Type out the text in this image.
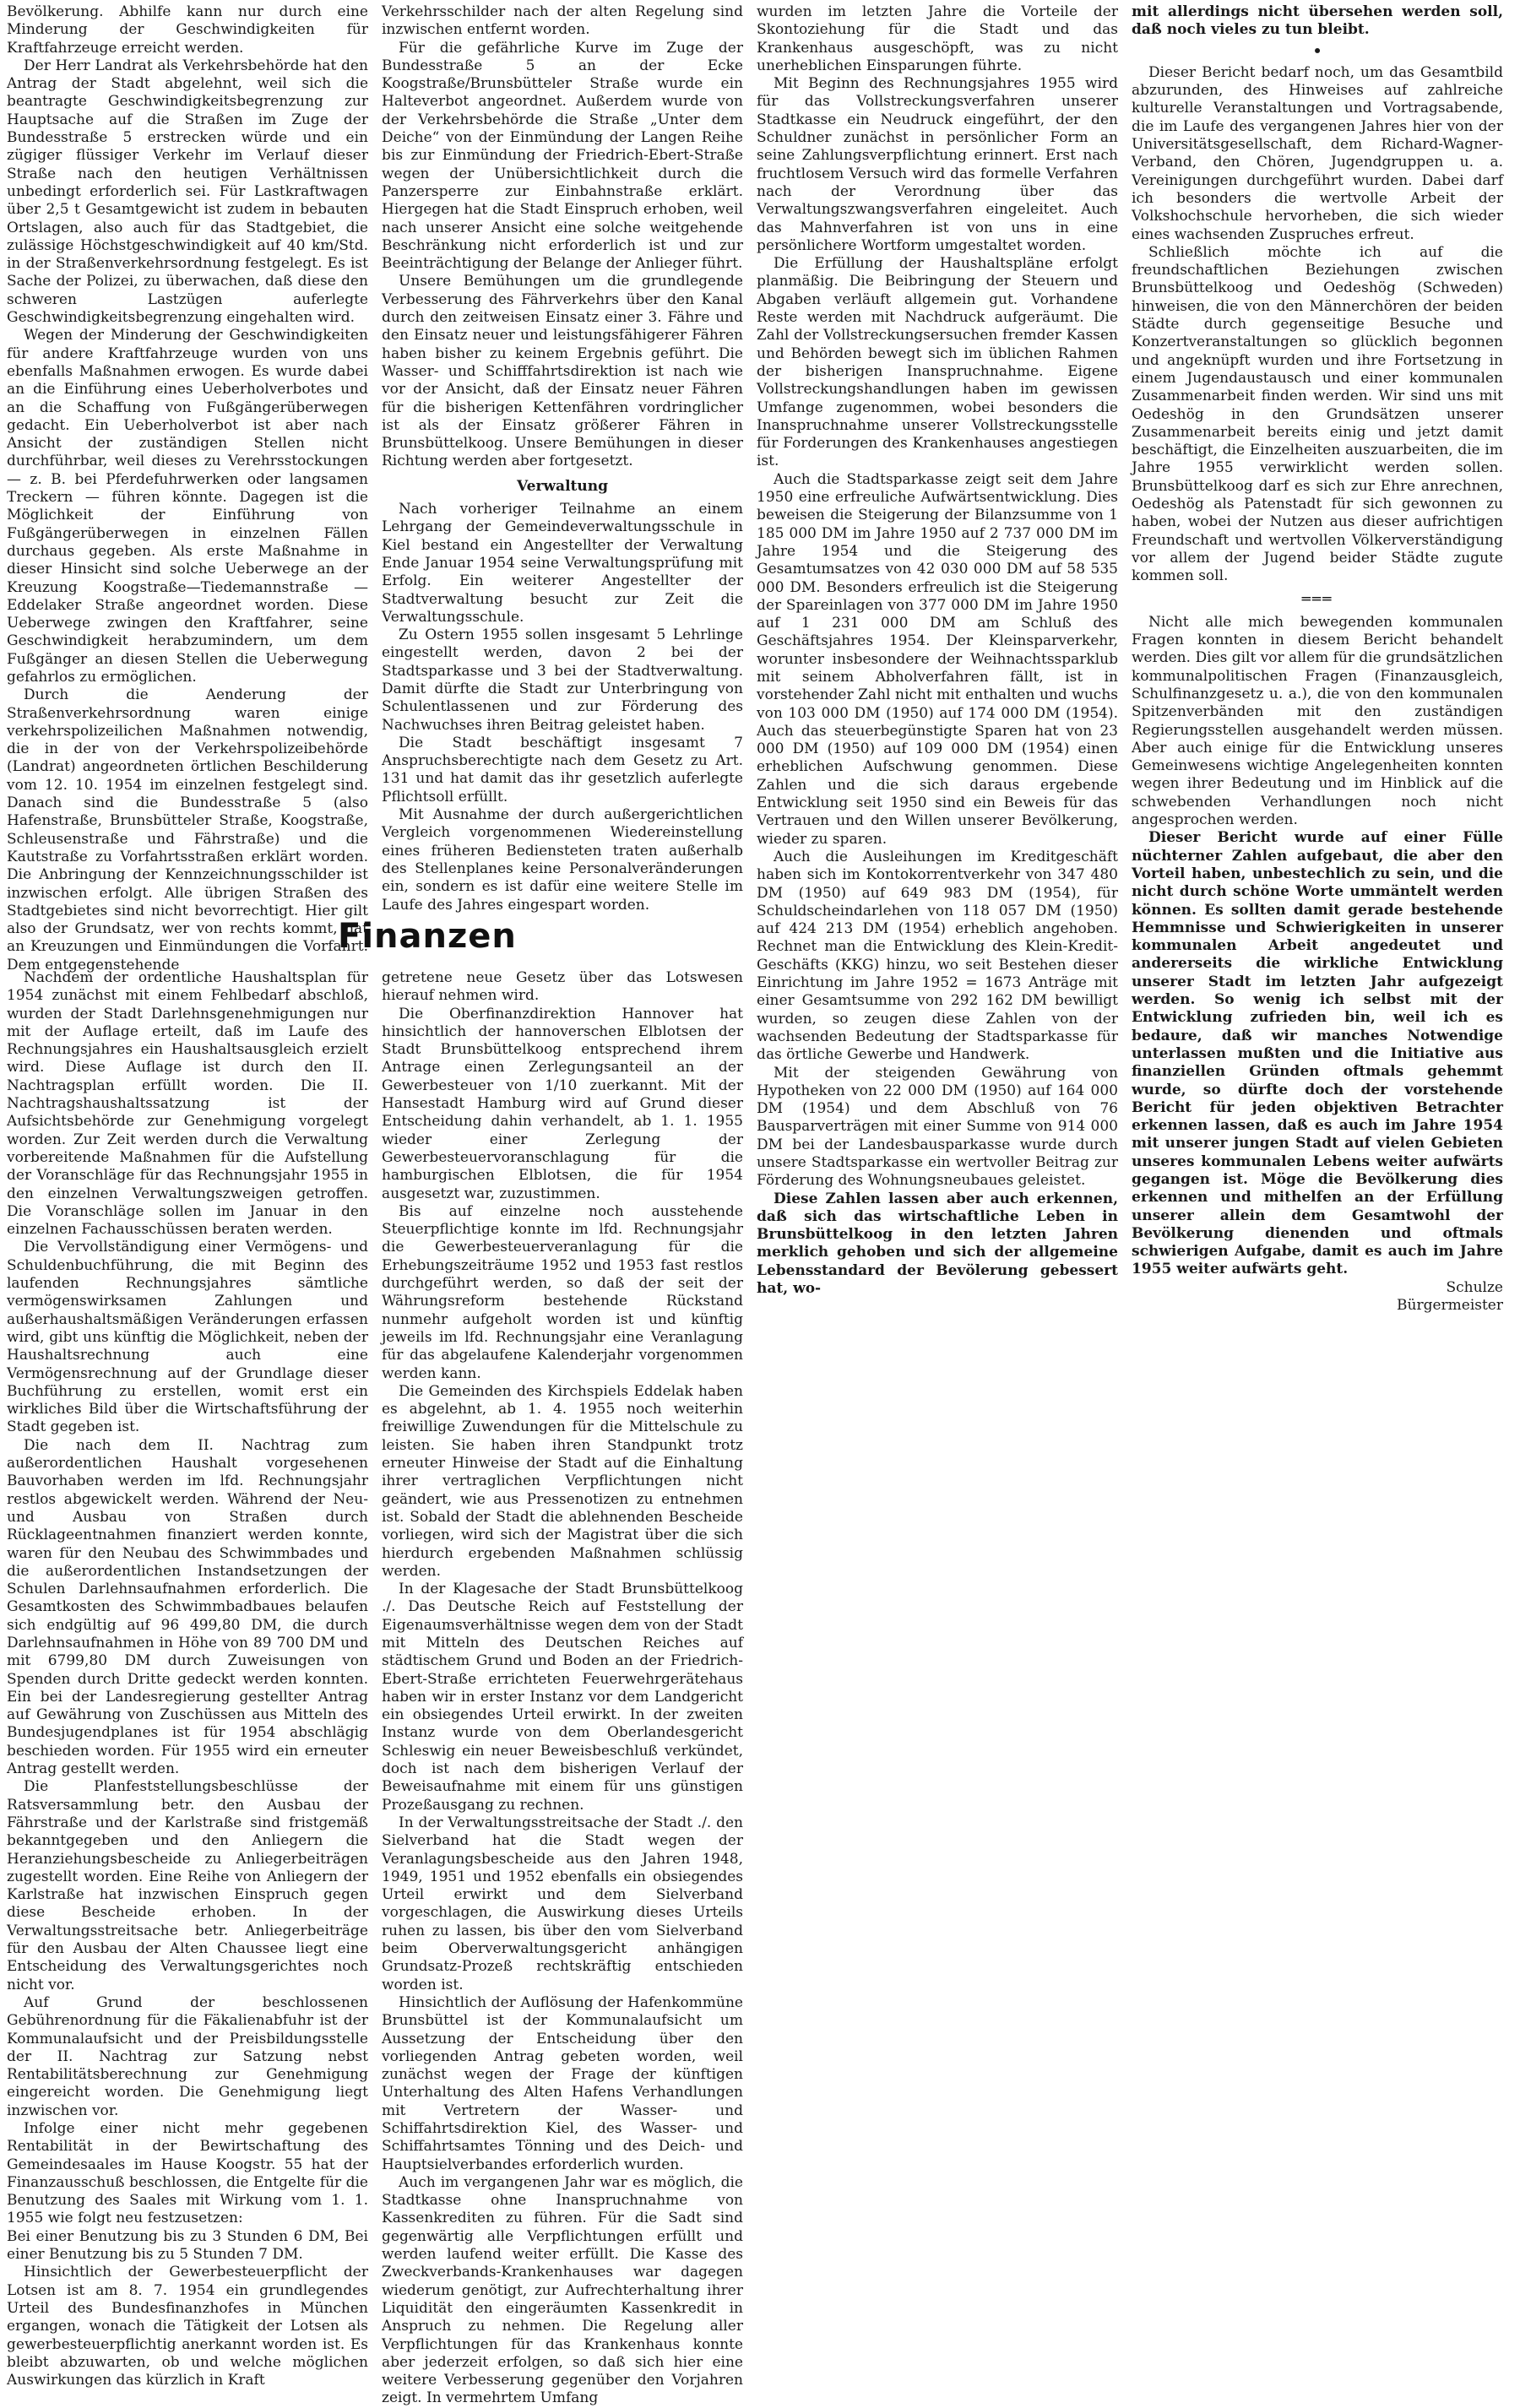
Bevölkerung. Abhilfe kann nur durch eine Minderung der Geschwindigkeiten für Kraftfahrzeuge erreicht werden.

Der Herr Landrat als Verkehrsbehörde hat den Antrag der Stadt abgelehnt, weil sich die beantragte Geschwindigkeitsbegrenzung zur Hauptsache auf die Straßen im Zuge der Bundesstraße 5 erstrecken würde und ein zügiger flüssiger Verkehr im Verlauf dieser Straße nach den heutigen Verhältnissen unbedingt erforderlich sei. Für Lastkraftwagen über 2,5 t Gesamtgewicht ist zudem in bebauten Ortslagen, also auch für das Stadtgebiet, die zulässige Höchstgeschwindigkeit auf 40 km/Std. in der Straßenverkehrsordnung festgelegt. Es ist Sache der Polizei, zu überwachen, daß diese den schweren Lastzügen auferlegte Geschwindigkeitsbegrenzung eingehalten wird.

Wegen der Minderung der Geschwindigkeiten für andere Kraftfahrzeuge wurden von uns ebenfalls Maßnahmen erwogen. Es wurde dabei an die Einführung eines Ueberholverbotes und an die Schaffung von Fußgängerüberwegen gedacht. Ein Ueberholverbot ist aber nach Ansicht der zuständigen Stellen nicht durchführbar, weil dieses zu Verehrsstockungen — z. B. bei Pferdefuhrwerken oder langsamen Treckern — führen könnte. Dagegen ist die Möglichkeit der Einführung von Fußgängerüberwegen in einzelnen Fällen durchaus gegeben. Als erste Maßnahme in dieser Hinsicht sind solche Ueberwege an der Kreuzung Koogstraße—Tiedemannstraße — Eddelaker Straße angeordnet worden. Diese Ueberwege zwingen den Kraftfahrer, seine Geschwindigkeit herabzumindern, um dem Fußgänger an diesen Stellen die Ueberwegung gefahrlos zu ermöglichen.

Durch die Aenderung der Straßenverkehrsordnung waren einige verkehrspolizeilichen Maßnahmen notwendig, die in der von der Verkehrspolizeibehörde (Landrat) angeordneten örtlichen Beschilderung vom 12. 10. 1954 im einzelnen festgelegt sind. Danach sind die Bundesstraße 5 (also Hafenstraße, Brunsbütteler Straße, Koogstraße, Schleusenstraße und Fährstraße) und die Kautstraße zu Vorfahrtsstraßen erklärt worden. Die Anbringung der Kennzeichnungsschilder ist inzwischen erfolgt. Alle übrigen Straßen des Stadtgebietes sind nicht bevorrechtigt. Hier gilt also der Grundsatz, wer von rechts kommt, hat an Kreuzungen und Einmündungen die Vorfahrt. Dem entgegenstehende

Verkehrsschilder nach der alten Regelung sind inzwischen entfernt worden.

Für die gefährliche Kurve im Zuge der Bundesstraße 5 an der Ecke Koogstraße/Brunsbütteler Straße wurde ein Halteverbot angeordnet. Außerdem wurde von der Verkehrsbehörde die Straße „Unter dem Deiche“ von der Einmündung der Langen Reihe bis zur Einmündung der Friedrich-Ebert-Straße wegen der Unübersichtlichkeit durch die Panzersperre zur Einbahnstraße erklärt. Hiergegen hat die Stadt Einspruch erhoben, weil nach unserer Ansicht eine solche weitgehende Beschränkung nicht erforderlich ist und zur Beeinträchtigung der Belange der Anlieger führt.

Unsere Bemühungen um die grundlegende Verbesserung des Fährverkehrs über den Kanal durch den zeitweisen Einsatz einer 3. Fähre und den Einsatz neuer und leistungsfähigerer Fähren haben bisher zu keinem Ergebnis geführt. Die Wasser- und Schifffahrtsdirektion ist nach wie vor der Ansicht, daß der Einsatz neuer Fähren für die bisherigen Kettenfähren vordringlicher ist als der Einsatz größerer Fähren in Brunsbüttelkoog. Unsere Bemühungen in dieser Richtung werden aber fortgesetzt.

Verwaltung

Nach vorheriger Teilnahme an einem Lehrgang der Gemeindeverwaltungsschule in Kiel bestand ein Angestellter der Verwaltung Ende Januar 1954 seine Verwaltungsprüfung mit Erfolg. Ein weiterer Angestellter der Stadtverwaltung besucht zur Zeit die Verwaltungsschule.

Zu Ostern 1955 sollen insgesamt 5 Lehrlinge eingestellt werden, davon 2 bei der Stadtsparkasse und 3 bei der Stadtverwaltung. Damit dürfte die Stadt zur Unterbringung von Schulentlassenen und zur Förderung des Nachwuchses ihren Beitrag geleistet haben.

Die Stadt beschäftigt insgesamt 7 Anspruchsberechtigte nach dem Gesetz zu Art. 131 und hat damit das ihr gesetzlich auferlegte Pflichtsoll erfüllt.

Mit Ausnahme der durch außergerichtlichen Vergleich vorgenommenen Wiedereinstellung eines früheren Bediensteten traten außerhalb des Stellenplanes keine Personalveränderungen ein, sondern es ist dafür eine weitere Stelle im Laufe des Jahres eingespart worden.

Finanzen

Nachdem der ordentliche Haushaltsplan für 1954 zunächst mit einem Fehlbedarf abschloß, wurden der Stadt Darlehnsgenehmigungen nur mit der Auflage erteilt, daß im Laufe des Rechnungsjahres ein Haushaltsausgleich erzielt wird. Diese Auflage ist durch den II. Nachtragsplan erfüllt worden. Die II. Nachtragshaushaltssatzung ist der Aufsichtsbehörde zur Genehmigung vorgelegt worden. Zur Zeit werden durch die Verwaltung vorbereitende Maßnahmen für die Aufstellung der Voranschläge für das Rechnungsjahr 1955 in den einzelnen Verwaltungszweigen getroffen. Die Voranschläge sollen im Januar in den einzelnen Fachausschüssen beraten werden.

Die Vervollständigung einer Vermögens- und Schuldenbuchführung, die mit Beginn des laufenden Rechnungsjahres sämtliche vermögenswirksamen Zahlungen und außerhaushaltsmäßigen Veränderungen erfassen wird, gibt uns künftig die Möglichkeit, neben der Haushaltsrechnung auch eine Vermögensrechnung auf der Grundlage dieser Buchführung zu erstellen, womit erst ein wirkliches Bild über die Wirtschaftsführung der Stadt gegeben ist.

Die nach dem II. Nachtrag zum außerordentlichen Haushalt vorgesehenen Bauvorhaben werden im lfd. Rechnungsjahr restlos abgewickelt werden. Während der Neu- und Ausbau von Straßen durch Rücklageentnahmen finanziert werden konnte, waren für den Neubau des Schwimmbades und die außerordentlichen Instandsetzungen der Schulen Darlehnsaufnahmen erforderlich. Die Gesamtkosten des Schwimmbadbaues belaufen sich endgültig auf 96 499,80 DM, die durch Darlehnsaufnahmen in Höhe von 89 700 DM und mit 6799,80 DM durch Zuweisungen von Spenden durch Dritte gedeckt werden konnten. Ein bei der Landesregierung gestellter Antrag auf Gewährung von Zuschüssen aus Mitteln des Bundesjugendplanes ist für 1954 abschlägig beschieden worden. Für 1955 wird ein erneuter Antrag gestellt werden.

Die Planfeststellungsbeschlüsse der Ratsversammlung betr. den Ausbau der Fährstraße und der Karlstraße sind fristgemäß bekanntgegeben und den Anliegern die Heranziehungsbescheide zu Anliegerbeiträgen zugestellt worden. Eine Reihe von Anliegern der Karlstraße hat inzwischen Einspruch gegen diese Bescheide erhoben. In der Verwaltungsstreitsache betr. Anliegerbeiträge für den Ausbau der Alten Chaussee liegt eine Entscheidung des Verwaltungsgerichtes noch nicht vor.

Auf Grund der beschlossenen Gebührenordnung für die Fäkalienabfuhr ist der Kommunalaufsicht und der Preisbildungsstelle der II. Nachtrag zur Satzung nebst Rentabilitätsberechnung zur Genehmigung eingereicht worden. Die Genehmigung liegt inzwischen vor.

Infolge einer nicht mehr gegebenen Rentabilität in der Bewirtschaftung des Gemeindesaales im Hause Koogstr. 55 hat der Finanzausschuß beschlossen, die Entgelte für die Benutzung des Saales mit Wirkung vom 1. 1. 1955 wie folgt neu festzusetzen:

Bei einer Benutzung bis zu 3 Stunden 6 DM, Bei einer Benutzung bis zu 5 Stunden 7 DM.

Hinsichtlich der Gewerbesteuerpflicht der Lotsen ist am 8. 7. 1954 ein grundlegendes Urteil des Bundesfinanzhofes in München ergangen, wonach die Tätigkeit der Lotsen als gewerbesteuerpflichtig anerkannt worden ist. Es bleibt abzuwarten, ob und welche möglichen Auswirkungen das kürzlich in Kraft

getretene neue Gesetz über das Lotswesen hierauf nehmen wird.

Die Oberfinanzdirektion Hannover hat hinsichtlich der hannoverschen Elblotsen der Stadt Brunsbüttelkoog entsprechend ihrem Antrage einen Zerlegungsanteil an der Gewerbesteuer von 1/10 zuerkannt. Mit der Hansestadt Hamburg wird auf Grund dieser Entscheidung dahin verhandelt, ab 1. 1. 1955 wieder einer Zerlegung der Gewerbesteuervoranschlagung für die hamburgischen Elblotsen, die für 1954 ausgesetzt war, zuzustimmen.

Bis auf einzelne noch ausstehende Steuerpflichtige konnte im lfd. Rechnungsjahr die Gewerbesteuerveranlagung für die Erhebungszeiträume 1952 und 1953 fast restlos durchgeführt werden, so daß der seit der Währungsreform bestehende Rückstand nunmehr aufgeholt worden ist und künftig jeweils im lfd. Rechnungsjahr eine Veranlagung für das abgelaufene Kalenderjahr vorgenommen werden kann.

Die Gemeinden des Kirchspiels Eddelak haben es abgelehnt, ab 1. 4. 1955 noch weiterhin freiwillige Zuwendungen für die Mittelschule zu leisten. Sie haben ihren Standpunkt trotz erneuter Hinweise der Stadt auf die Einhaltung ihrer vertraglichen Verpflichtungen nicht geändert, wie aus Pressenotizen zu entnehmen ist. Sobald der Stadt die ablehnenden Bescheide vorliegen, wird sich der Magistrat über die sich hierdurch ergebenden Maßnahmen schlüssig werden.

In der Klagesache der Stadt Brunsbüttelkoog ./. Das Deutsche Reich auf Feststellung der Eigenaumsverhältnisse wegen dem von der Stadt mit Mitteln des Deutschen Reiches auf städtischem Grund und Boden an der Friedrich-Ebert-Straße errichteten Feuerwehrgerätehaus haben wir in erster Instanz vor dem Landgericht ein obsiegendes Urteil erwirkt. In der zweiten Instanz wurde von dem Oberlandesgericht Schleswig ein neuer Beweisbeschluß verkündet, doch ist nach dem bisherigen Verlauf der Beweisaufnahme mit einem für uns günstigen Prozeßausgang zu rechnen.

In der Verwaltungsstreitsache der Stadt ./. den Sielverband hat die Stadt wegen der Veranlagungsbescheide aus den Jahren 1948, 1949, 1951 und 1952 ebenfalls ein obsiegendes Urteil erwirkt und dem Sielverband vorgeschlagen, die Auswirkung dieses Urteils ruhen zu lassen, bis über den vom Sielverband beim Oberverwaltungsgericht anhängigen Grundsatz-Prozeß rechtskräftig entschieden worden ist.

Hinsichtlich der Auflösung der Hafenkommüne Brunsbüttel ist der Kommunalaufsicht um Aussetzung der Entscheidung über den vorliegenden Antrag gebeten worden, weil zunächst wegen der Frage der künftigen Unterhaltung des Alten Hafens Verhandlungen mit Vertretern der Wasser- und Schiffahrtsdirektion Kiel, des Wasser- und Schiffahrtsamtes Tönning und des Deich- und Hauptsielverbandes erforderlich wurden.

Auch im vergangenen Jahr war es möglich, die Stadtkasse ohne Inanspruchnahme von Kassenkrediten zu führen. Für die Sadt sind gegenwärtig alle Verpflichtungen erfüllt und werden laufend weiter erfüllt. Die Kasse des Zweckverbands-Krankenhauses war dagegen wiederum genötigt, zur Aufrechterhaltung ihrer Liquidität den eingeräumten Kassenkredit in Anspruch zu nehmen. Die Regelung aller Verpflichtungen für das Krankenhaus konnte aber jederzeit erfolgen, so daß sich hier eine weitere Verbesserung gegenüber den Vorjahren zeigt. In vermehrtem Umfang

wurden im letzten Jahre die Vorteile der Skontoziehung für die Stadt und das Krankenhaus ausgeschöpft, was zu nicht unerheblichen Einsparungen führte.

Mit Beginn des Rechnungsjahres 1955 wird für das Vollstreckungsverfahren unserer Stadtkasse ein Neudruck eingeführt, der den Schuldner zunächst in persönlicher Form an seine Zahlungsverpflichtung erinnert. Erst nach fruchtlosem Versuch wird das formelle Verfahren nach der Verordnung über das Verwaltungszwangsverfahren eingeleitet. Auch das Mahnverfahren ist von uns in eine persönlichere Wortform umgestaltet worden.

Die Erfüllung der Haushaltspläne erfolgt planmäßig. Die Beibringung der Steuern und Abgaben verläuft allgemein gut. Vorhandene Reste werden mit Nachdruck aufgeräumt. Die Zahl der Vollstreckungsersuchen fremder Kassen und Behörden bewegt sich im üblichen Rahmen der bisherigen Inanspruchnahme. Eigene Vollstreckungshandlungen haben im gewissen Umfange zugenommen, wobei besonders die Inanspruchnahme unserer Vollstreckungsstelle für Forderungen des Krankenhauses angestiegen ist.

Auch die Stadtsparkasse zeigt seit dem Jahre 1950 eine erfreuliche Aufwärtsentwicklung. Dies beweisen die Steigerung der Bilanzsumme von 1 185 000 DM im Jahre 1950 auf 2 737 000 DM im Jahre 1954 und die Steigerung des Gesamtumsatzes von 42 030 000 DM auf 58 535 000 DM. Besonders erfreulich ist die Steigerung der Spareinlagen von 377 000 DM im Jahre 1950 auf 1 231 000 DM am Schluß des Geschäftsjahres 1954. Der Kleinsparverkehr, worunter insbesondere der Weihnachtssparklub mit seinem Abholverfahren fällt, ist in vorstehender Zahl nicht mit enthalten und wuchs von 103 000 DM (1950) auf 174 000 DM (1954). Auch das steuerbegünstigte Sparen hat von 23 000 DM (1950) auf 109 000 DM (1954) einen erheblichen Aufschwung genommen. Diese Zahlen und die sich daraus ergebende Entwicklung seit 1950 sind ein Beweis für das Vertrauen und den Willen unserer Bevölkerung, wieder zu sparen.

Auch die Ausleihungen im Kreditgeschäft haben sich im Kontokorrentverkehr von 347 480 DM (1950) auf 649 983 DM (1954), für Schuldscheindarlehen von 118 057 DM (1950) auf 424 213 DM (1954) erheblich angehoben. Rechnet man die Entwicklung des Klein-Kredit-Geschäfts (KKG) hinzu, wo seit Bestehen dieser Einrichtung im Jahre 1952 = 1673 Anträge mit einer Gesamtsumme von 292 162 DM bewilligt wurden, so zeugen diese Zahlen von der wachsenden Bedeutung der Stadtsparkasse für das örtliche Gewerbe und Handwerk.

Mit der steigenden Gewährung von Hypotheken von 22 000 DM (1950) auf 164 000 DM (1954) und dem Abschluß von 76 Bausparverträgen mit einer Summe von 914 000 DM bei der Landesbausparkasse wurde durch unsere Stadtsparkasse ein wertvoller Beitrag zur Förderung des Wohnungsneubaues geleistet.

Diese Zahlen lassen aber auch erkennen, daß sich das wirtschaftliche Leben in Brunsbüttelkoog in den letzten Jahren merklich gehoben und sich der allgemeine Lebensstandard der Bevölerung gebessert hat, wo-

mit allerdings nicht übersehen werden soll, daß noch vieles zu tun bleibt.

•

Dieser Bericht bedarf noch, um das Gesamtbild abzurunden, des Hinweises auf zahlreiche kulturelle Veranstaltungen und Vortragsabende, die im Laufe des vergangenen Jahres hier von der Universitätsgesellschaft, dem Richard-Wagner-Verband, den Chören, Jugendgruppen u. a. Vereinigungen durchgeführt wurden. Dabei darf ich besonders die wertvolle Arbeit der Volkshochschule hervorheben, die sich wieder eines wachsenden Zuspruches erfreut.

Schließlich möchte ich auf die freundschaftlichen Beziehungen zwischen Brunsbüttelkoog und Oedeshög (Schweden) hinweisen, die von den Männerchören der beiden Städte durch gegenseitige Besuche und Konzertveranstaltungen so glücklich begonnen und angeknüpft wurden und ihre Fortsetzung in einem Jugendaustausch und einer kommunalen Zusammenarbeit finden werden. Wir sind uns mit Oedeshög in den Grundsätzen unserer Zusammenarbeit bereits einig und jetzt damit beschäftigt, die Einzelheiten auszuarbeiten, die im Jahre 1955 verwirklicht werden sollen. Brunsbüttelkoog darf es sich zur Ehre anrechnen, Oedeshög als Patenstadt für sich gewonnen zu haben, wobei der Nutzen aus dieser aufrichtigen Freundschaft und wertvollen Völkerverständigung vor allem der Jugend beider Städte zugute kommen soll.

═══

Nicht alle mich bewegenden kommunalen Fragen konnten in diesem Bericht behandelt werden. Dies gilt vor allem für die grundsätzlichen kommunalpolitischen Fragen (Finanzausgleich, Schulfinanzgesetz u. a.), die von den kommunalen Spitzenverbänden mit den zuständigen Regierungsstellen ausgehandelt werden müssen. Aber auch einige für die Entwicklung unseres Gemeinwesens wichtige Angelegenheiten konnten wegen ihrer Bedeutung und im Hinblick auf die schwebenden Verhandlungen noch nicht angesprochen werden.

Dieser Bericht wurde auf einer Fülle nüchterner Zahlen aufgebaut, die aber den Vorteil haben, unbestechlich zu sein, und die nicht durch schöne Worte ummäntelt werden können. Es sollten damit gerade bestehende Hemmnisse und Schwierigkeiten in unserer kommunalen Arbeit angedeutet und andererseits die wirkliche Entwicklung unserer Stadt im letzten Jahr aufgezeigt werden. So wenig ich selbst mit der Entwicklung zufrieden bin, weil ich es bedaure, daß wir manches Notwendige unterlassen mußten und die Initiative aus finanziellen Gründen oftmals gehemmt wurde, so dürfte doch der vorstehende Bericht für jeden objektiven Betrachter erkennen lassen, daß es auch im Jahre 1954 mit unserer jungen Stadt auf vielen Gebieten unseres kommunalen Lebens weiter aufwärts gegangen ist. Möge die Bevölkerung dies erkennen und mithelfen an der Erfüllung unserer allein dem Gesamtwohl der Bevölkerung dienenden und oftmals schwierigen Aufgabe, damit es auch im Jahre 1955 weiter aufwärts geht.

Schulze

Bürgermeister
